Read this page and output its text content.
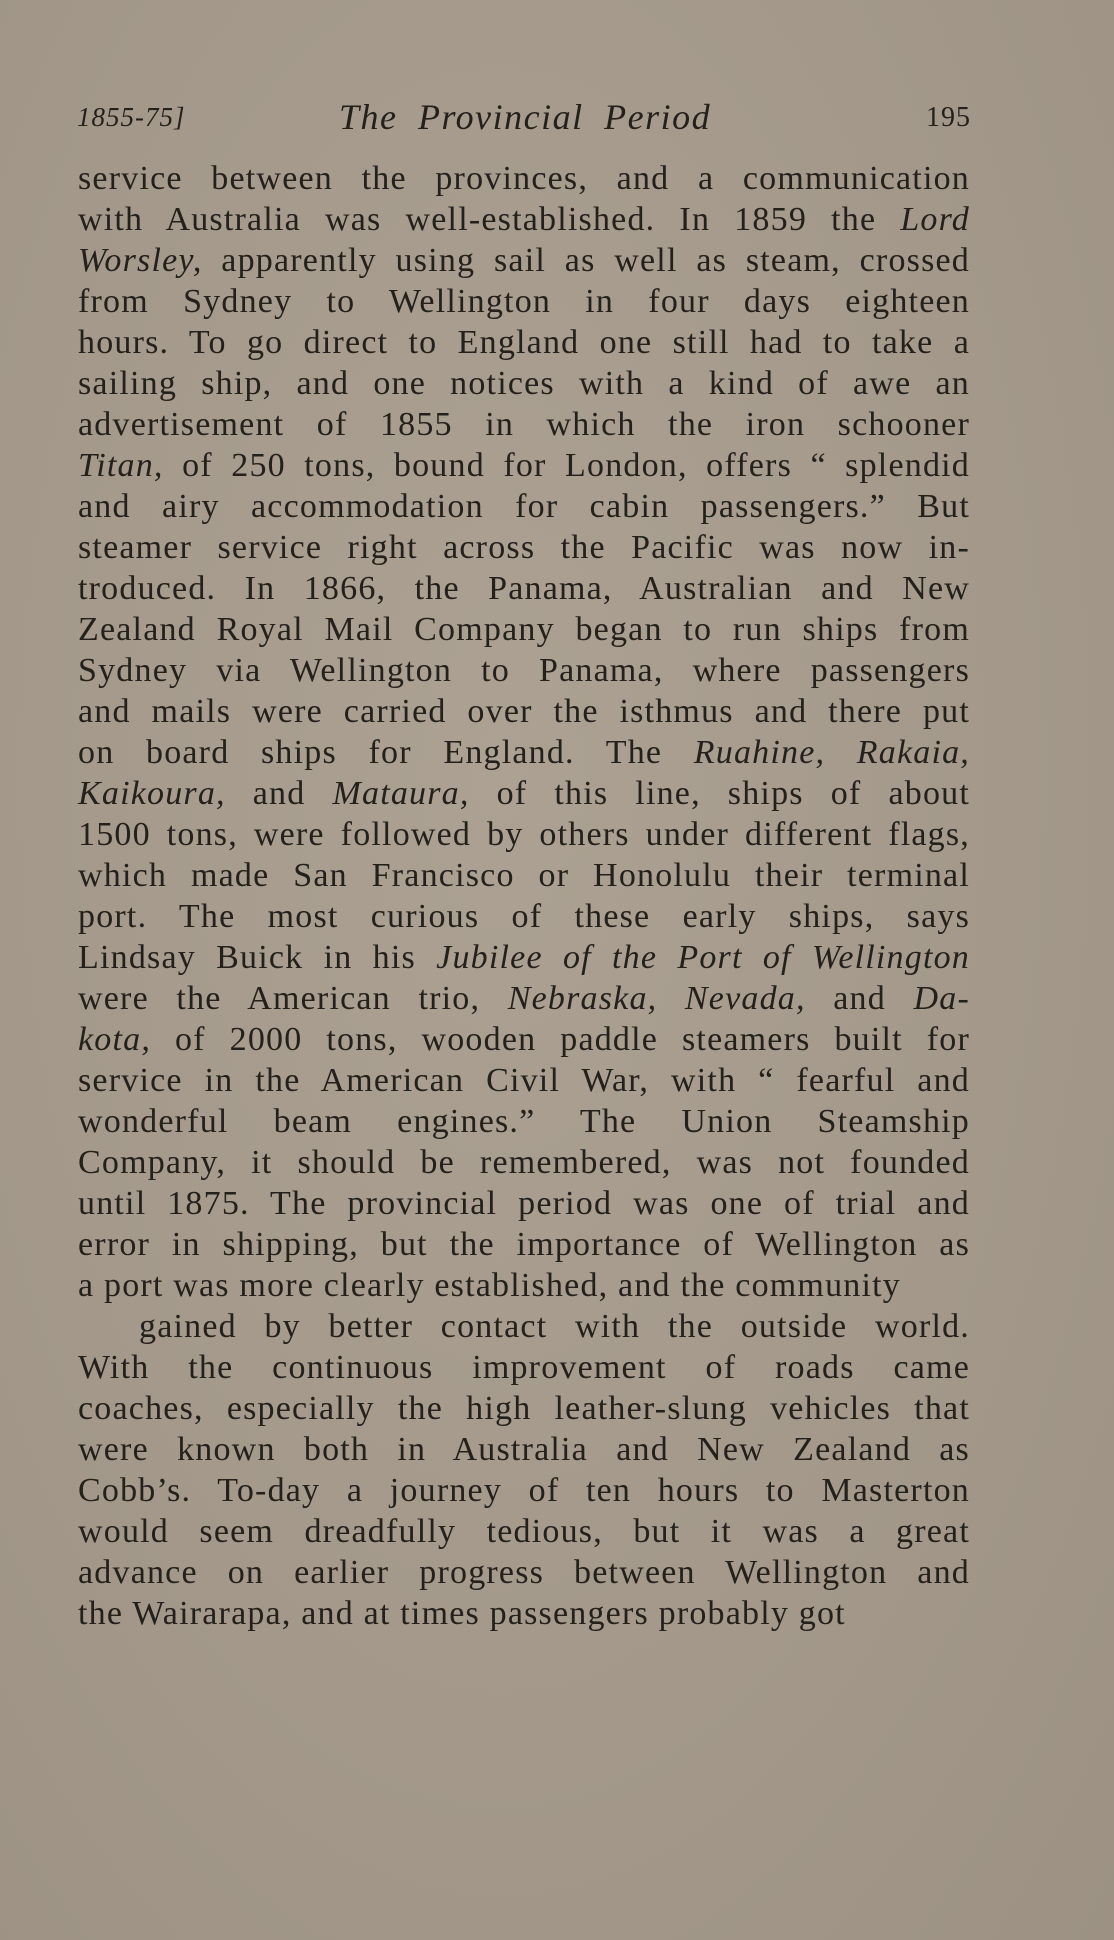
1855-75]	The Provincial Period	195
service between the provinces, and a communication
with Australia was well-established. In 1859 the Lord
Worsley, apparently using sail as well as steam, crossed
from Sydney to Wellington in four days eighteen
hours. To go direct to England one still had to take a
sailing ship, and one notices with a kind of awe an
advertisement of 1855 in which the iron schooner
Titan, of 250 tons, bound for London, offers “ splendid
and airy accommodation for cabin passengers.” But
steamer service right across the Pacific was now in-
troduced. In 1866, the Panama, Australian and New
Zealand Royal Mail Company began to run ships from
Sydney via Wellington to Panama, where passengers
and mails were carried over the isthmus and there put
on board ships for England. The Ruahine, Rakaia,
Kaikoura, and Mataura, of this line, ships of about
1500 tons, were followed by others under different flags,
which made San Francisco or Honolulu their terminal
port. The most curious of these early ships, says
Lindsay Buick in his Jubilee of the Port of Wellington
were the American trio, Nebraska, Nevada, and Da-
kota, of 2000 tons, wooden paddle steamers built for
service in the American Civil War, with “ fearful and
wonderful beam engines.” The Union Steamship
Company, it should be remembered, was not founded
until 1875. The provincial period was one of trial and
error in shipping, but the importance of Wellington as
a port was more clearly established, and the community
gained by better contact with the outside world.
With the continuous improvement of roads came
coaches, especially the high leather-slung vehicles that
were known both in Australia and New Zealand as
Cobb’s. To-day a journey of ten hours to Masterton
would seem dreadfully tedious, but it was a great
advance on earlier progress between Wellington and
the Wairarapa, and at times passengers probably got
